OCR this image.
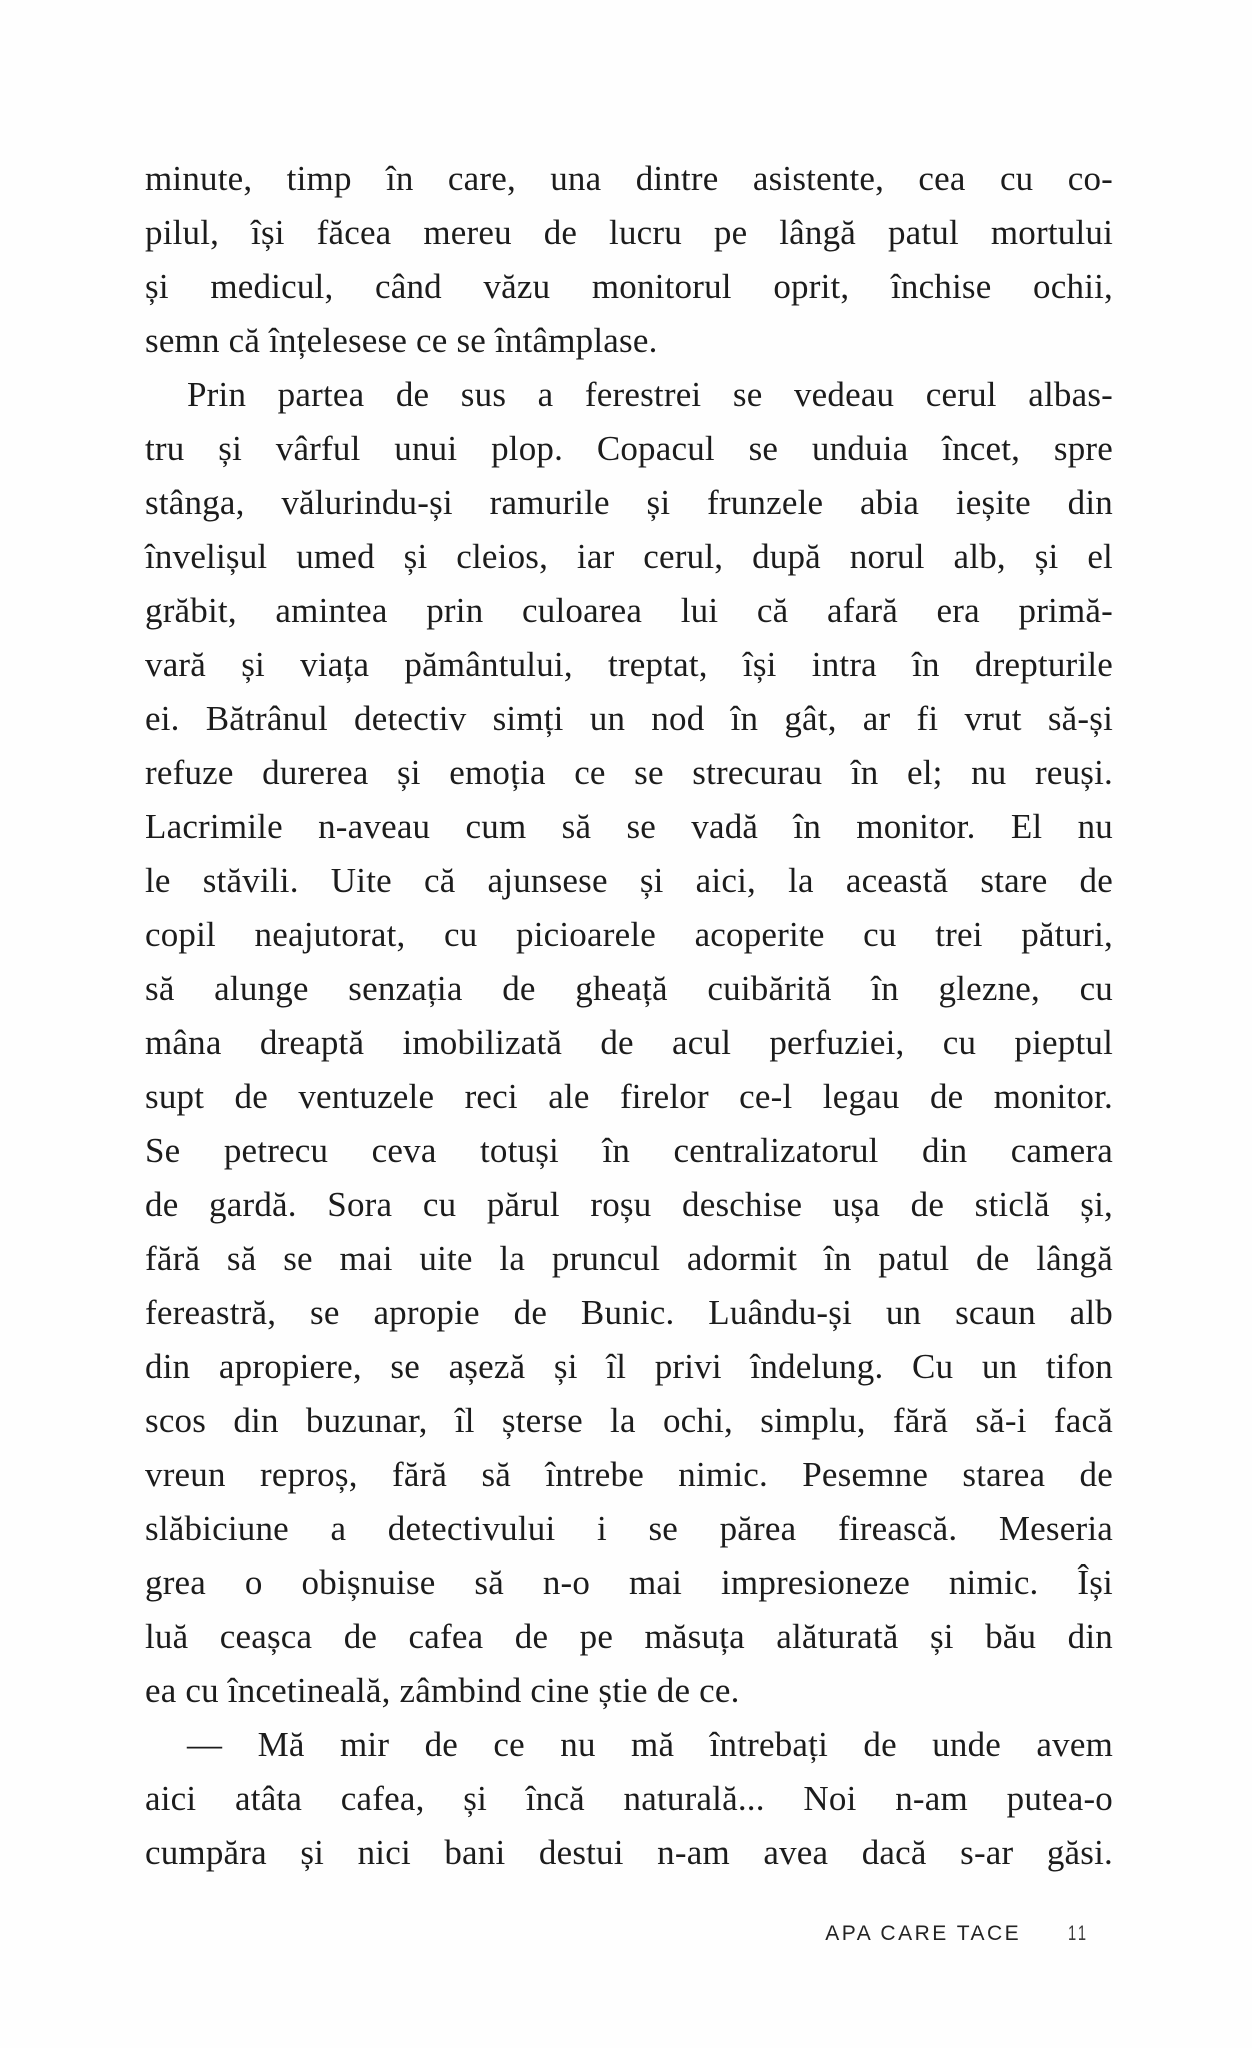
minute, timp în care, una dintre asistente, cea cu co-
pilul, își făcea mereu de lucru pe lângă patul mortului
și medicul, când văzu monitorul oprit, închise ochii,
semn că înțelesese ce se întâmplase.
Prin partea de sus a ferestrei se vedeau cerul albas-
tru și vârful unui plop. Copacul se unduia încet, spre
stânga, vălurindu-și ramurile și frunzele abia ieșite din
învelișul umed și cleios, iar cerul, după norul alb, și el
grăbit, amintea prin culoarea lui că afară era primă-
vară și viața pământului, treptat, își intra în drepturile
ei. Bătrânul detectiv simți un nod în gât, ar fi vrut să-și
refuze durerea și emoția ce se strecurau în el; nu reuși.
Lacrimile n-aveau cum să se vadă în monitor. El nu
le stăvili. Uite că ajunsese și aici, la această stare de
copil neajutorat, cu picioarele acoperite cu trei pături,
să alunge senzația de gheață cuibărită în glezne, cu
mâna dreaptă imobilizată de acul perfuziei, cu pieptul
supt de ventuzele reci ale firelor ce-l legau de monitor.
Se petrecu ceva totuși în centralizatorul din camera
de gardă. Sora cu părul roșu deschise ușa de sticlă și,
fără să se mai uite la pruncul adormit în patul de lângă
fereastră, se apropie de Bunic. Luându-și un scaun alb
din apropiere, se așeză și îl privi îndelung. Cu un tifon
scos din buzunar, îl șterse la ochi, simplu, fără să-i facă
vreun reproș, fără să întrebe nimic. Pesemne starea de
slăbiciune a detectivului i se părea firească. Meseria
grea o obișnuise să n-o mai impresioneze nimic. Își
luă ceașca de cafea de pe măsuța alăturată și bău din
ea cu încetineală, zâmbind cine știe de ce.
— Mă mir de ce nu mă întrebați de unde avem
aici atâta cafea, și încă naturală... Noi n-am putea-o
cumpăra și nici bani destui n-am avea dacă s-ar găsi.
APA CARE TACE 11
